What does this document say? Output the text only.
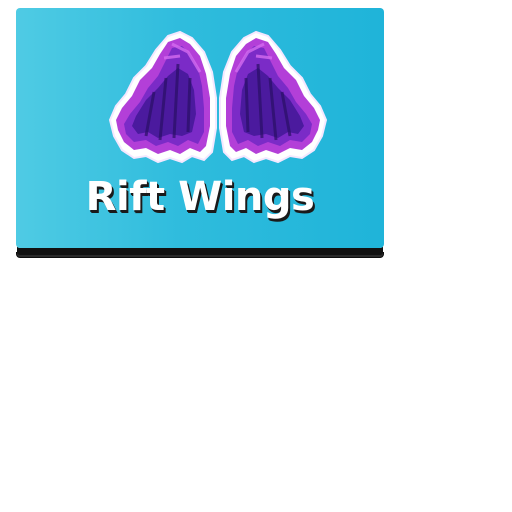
Rift Wings
